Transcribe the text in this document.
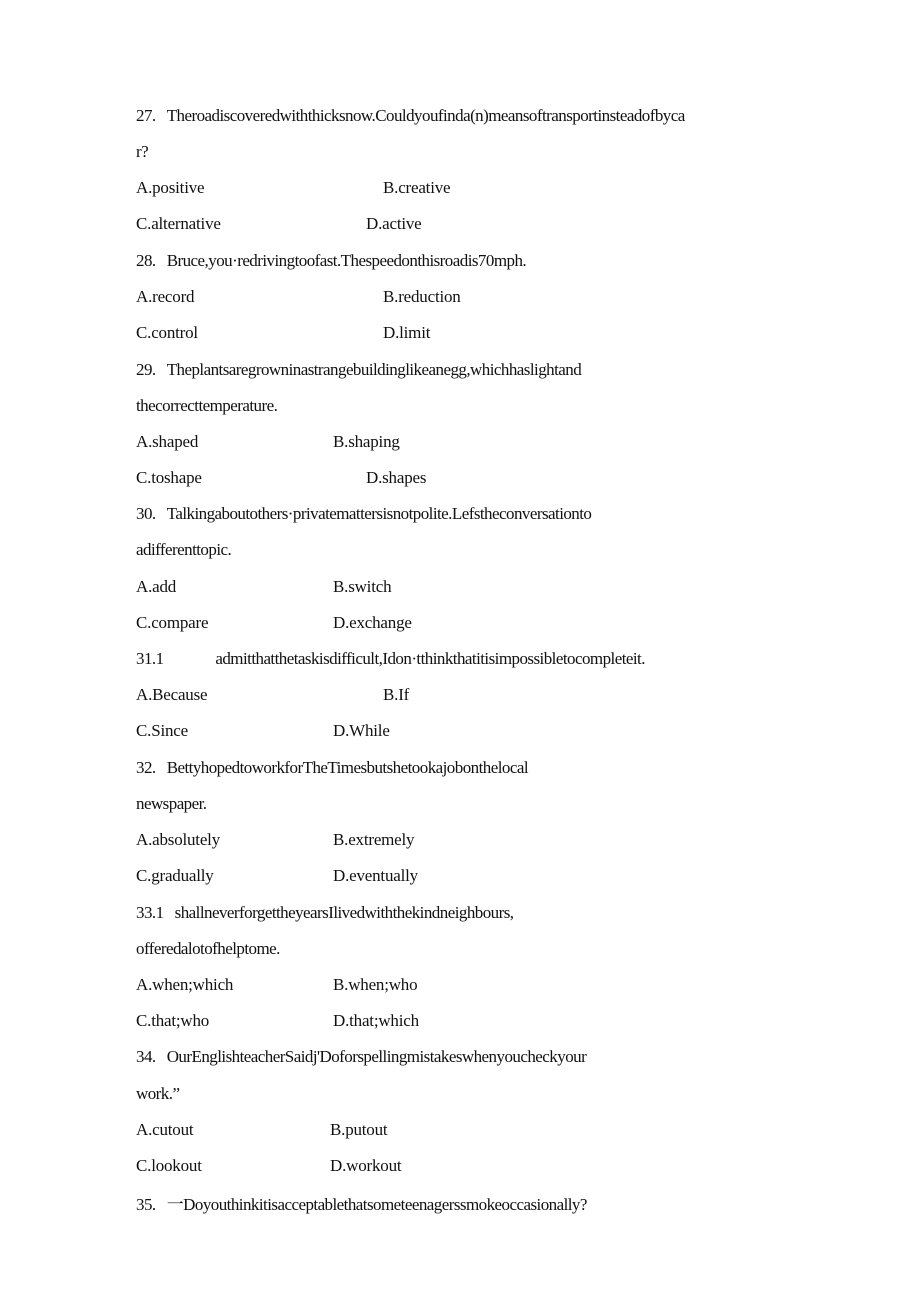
27.   The​road​is​covered​with​thick​snow.​Could​you​find​a(n)​means​of​transport​instead​of​by​ca
r?
A.positive	B.creative
C.alternative	D.active
28.   Bruce,you·re​driving​too​fast.The​speed​on​this​road​is​70mph.
A.record	B.reduction
C.control	D.limit
29.   The​plants​are​grown​in​a​strange​building​like​an​egg,which​has​light​and
the​correct​temperature.
A.shaped	B.shaping
C.toshape	D.shapes
30.   Talking​about​others·private​matters​is​not​polite.Lefs​the​conversation​to
a​different​topic.
A.add	B.switch
C.compare	D.exchange
31.1              admit​that​the​task​is​difficult,I​don·t​think​that​it​is​impossible​to​complete​it.
A.Because	B.If
C.Since	D.While
32.   Betty​hoped​to​work​for​The​Times​but​she​took​a​job​on​the​local
newspaper.
A.absolutely	B.extremely
C.gradually	D.eventually
33.1   shall​never​forget​the​years​I​lived​with​the​kind​neighbours,
offered​a​lot​of​help​to​me.
A.when;which	B.when;who
C.that;who	D.that;which
34.   Our​English​teacher​Saidj'Do​for​spelling​mistakes​when​you​check​your
work.”
A.cutout	B.putout
C.lookout	D.workout
35.   一Do​you​think​it​is​acceptable​that​some​teenagers​smoke​occasionally?
